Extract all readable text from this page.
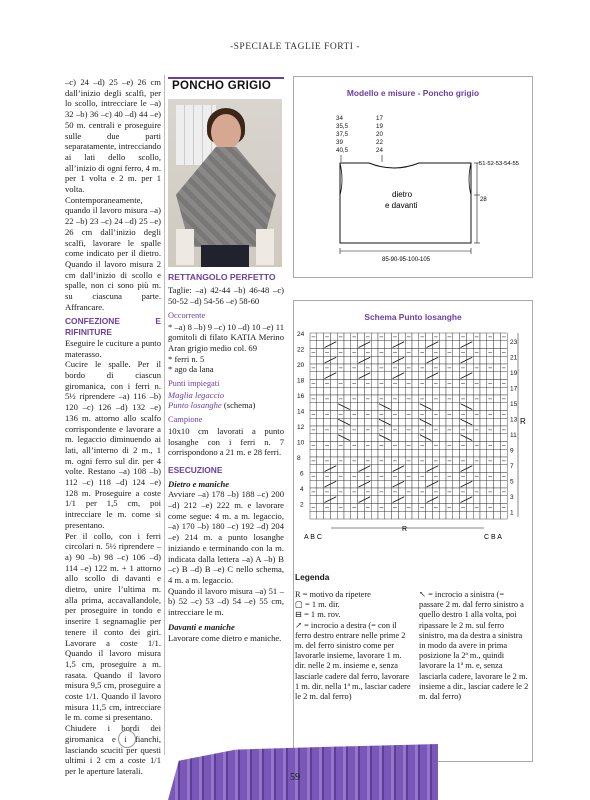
-SPECIALE TAGLIE FORTI -

–c) 24 –d) 25 –e) 26 cm dall’inizio degli scalfi, per lo scollo, intrecciare le –a) 32 –b) 36 –c) 40 –d) 44 –e) 50 m. centrali e proseguire sulle due parti separatamente, intrecciando ai lati dello scollo, all’inizio di ogni ferro, 4 m. per 1 volta e 2 m. per 1 volta. Contemporaneamente, quando il lavoro misura –a) 22 –b) 23 –c) 24 –d) 25 –e) 26 cm dall’inizio degli scalfi, lavorare le spalle come indicato per il dietro. Quando il lavoro misura 2 cm dall’inizio di scollo e spalle, non ci sono più m. su ciascuna parte. Affrancare.

CONFEZIONE E RIFINITURE

Eseguire le cuciture a punto materasso.

Cucire le spalle. Per il bordo di ciascun giromanica, con i ferri n. 5½ riprendere –a) 116 –b) 120 –c) 126 –d) 132 –e) 136 m. attorno allo scalfo corrispondente e lavorare a m. legaccio diminuendo ai lati, all’interno di 2 m., 1 m. ogni ferro sul dir. per 4 volte. Restano –a) 108 –b) 112 –c) 118 –d) 124 –e) 128 m. Proseguire a coste 1/1 per 1,5 cm, poi intrecciare le m. come si presentano.

Per il collo, con i ferri circolari n. 5½ riprendere –a) 90 –b) 98 –c) 106 –d) 114 –e) 122 m. + 1 attorno allo scollo di davanti e dietro, unire l’ultima m. alla prima, accavallandole, per proseguire in tondo e inserire 1 segnamaglie per tenere il conto dei giri. Lavorare a coste 1/1. Quando il lavoro misura 1,5 cm, proseguire a m. rasata. Quando il lavoro misura 9,5 cm, proseguire a coste 1/1. Quando il lavoro misura 11,5 cm, intrecciare le m. come si presentano.

Chiudere i bordi dei giromanica e i fianchi, lasciando scuciti per questi ultimi i 2 cm a coste 1/1 per le aperture laterali.

PONCHO GRIGIO

RETTANGOLO PERFETTO

Taglie: –a) 42-44 –b) 46-48 –c) 50-52 –d) 54-56 –e) 58-60

Occorrente

* –a) 8 –b) 9 –c) 10 –d) 10 –e) 11 gomitoli di filato KATIA Merino Aran grigio medio col. 69

* ferri n. 5

* ago da lana

Punti impiegati

Maglia legaccio

Punto losanghe (schema)

Campione

10x10 cm lavorati a punto losanghe con i ferri n. 7 corrispondono a 21 m. e 28 ferri.

ESECUZIONE

Dietro e maniche

Avviare –a) 178 –b) 188 –c) 200 –d) 212 –e) 222 m. e lavorare come segue: 4 m. a m. legaccio, –a) 170 –b) 180 –c) 192 –d) 204 –e) 214 m. a punto losanghe iniziando e terminando con la m. indicata dalla lettera –a) A –b) B –c) B –d) B –e) C nello schema, 4 m. a m. legaccio.

Quando il lavoro misura –a) 51 –b) 52 –c) 53 –d) 54 –e) 55 cm, intrecciare le m.

Davanti e maniche

Lavorare come dietro e maniche.

Modello e misure - Poncho grigio
34
35,5
37,5
39
40,5
17
19
20
22
24
dietro
e davanti
51-52-53-54-55
28
85-90-95-100-105
Schema Punto losanghe
24
22
20
18
16
14
12
10
8
6
4
2
23
21
19
17
15
13
11
9
7
5
3
1
R
R
A B C	C B A
Legenda
R = motivo da ripetere
▢ = 1 m. dir.
⊟ = 1 m. rov.
↗ = incrocio a destra (= con il ferro destro entrare nelle prime 2 m. del ferro sinistro come per lavorarle insieme, lavorare 1 m. dir. nelle 2 m. insieme e, senza lasciarle cadere dal ferro, lavorare 1 m. dir. nella 1ª m., lasciar cadere le 2 m. dal ferro)
↖ = incrocio a sinistra (= passare 2 m. dal ferro sinistro a quello destro 1 alla volta, poi ripassare le 2 m. sul ferro sinistro, ma da destra a sinistra in modo da avere in prima posizione la 2ª m., quindi lavorare la 1ª m. e, senza lasciarla cadere, lavorare le 2 m. insieme a dir., lasciar cadere le 2 m. dal ferro)
59
PassionForum.ru
